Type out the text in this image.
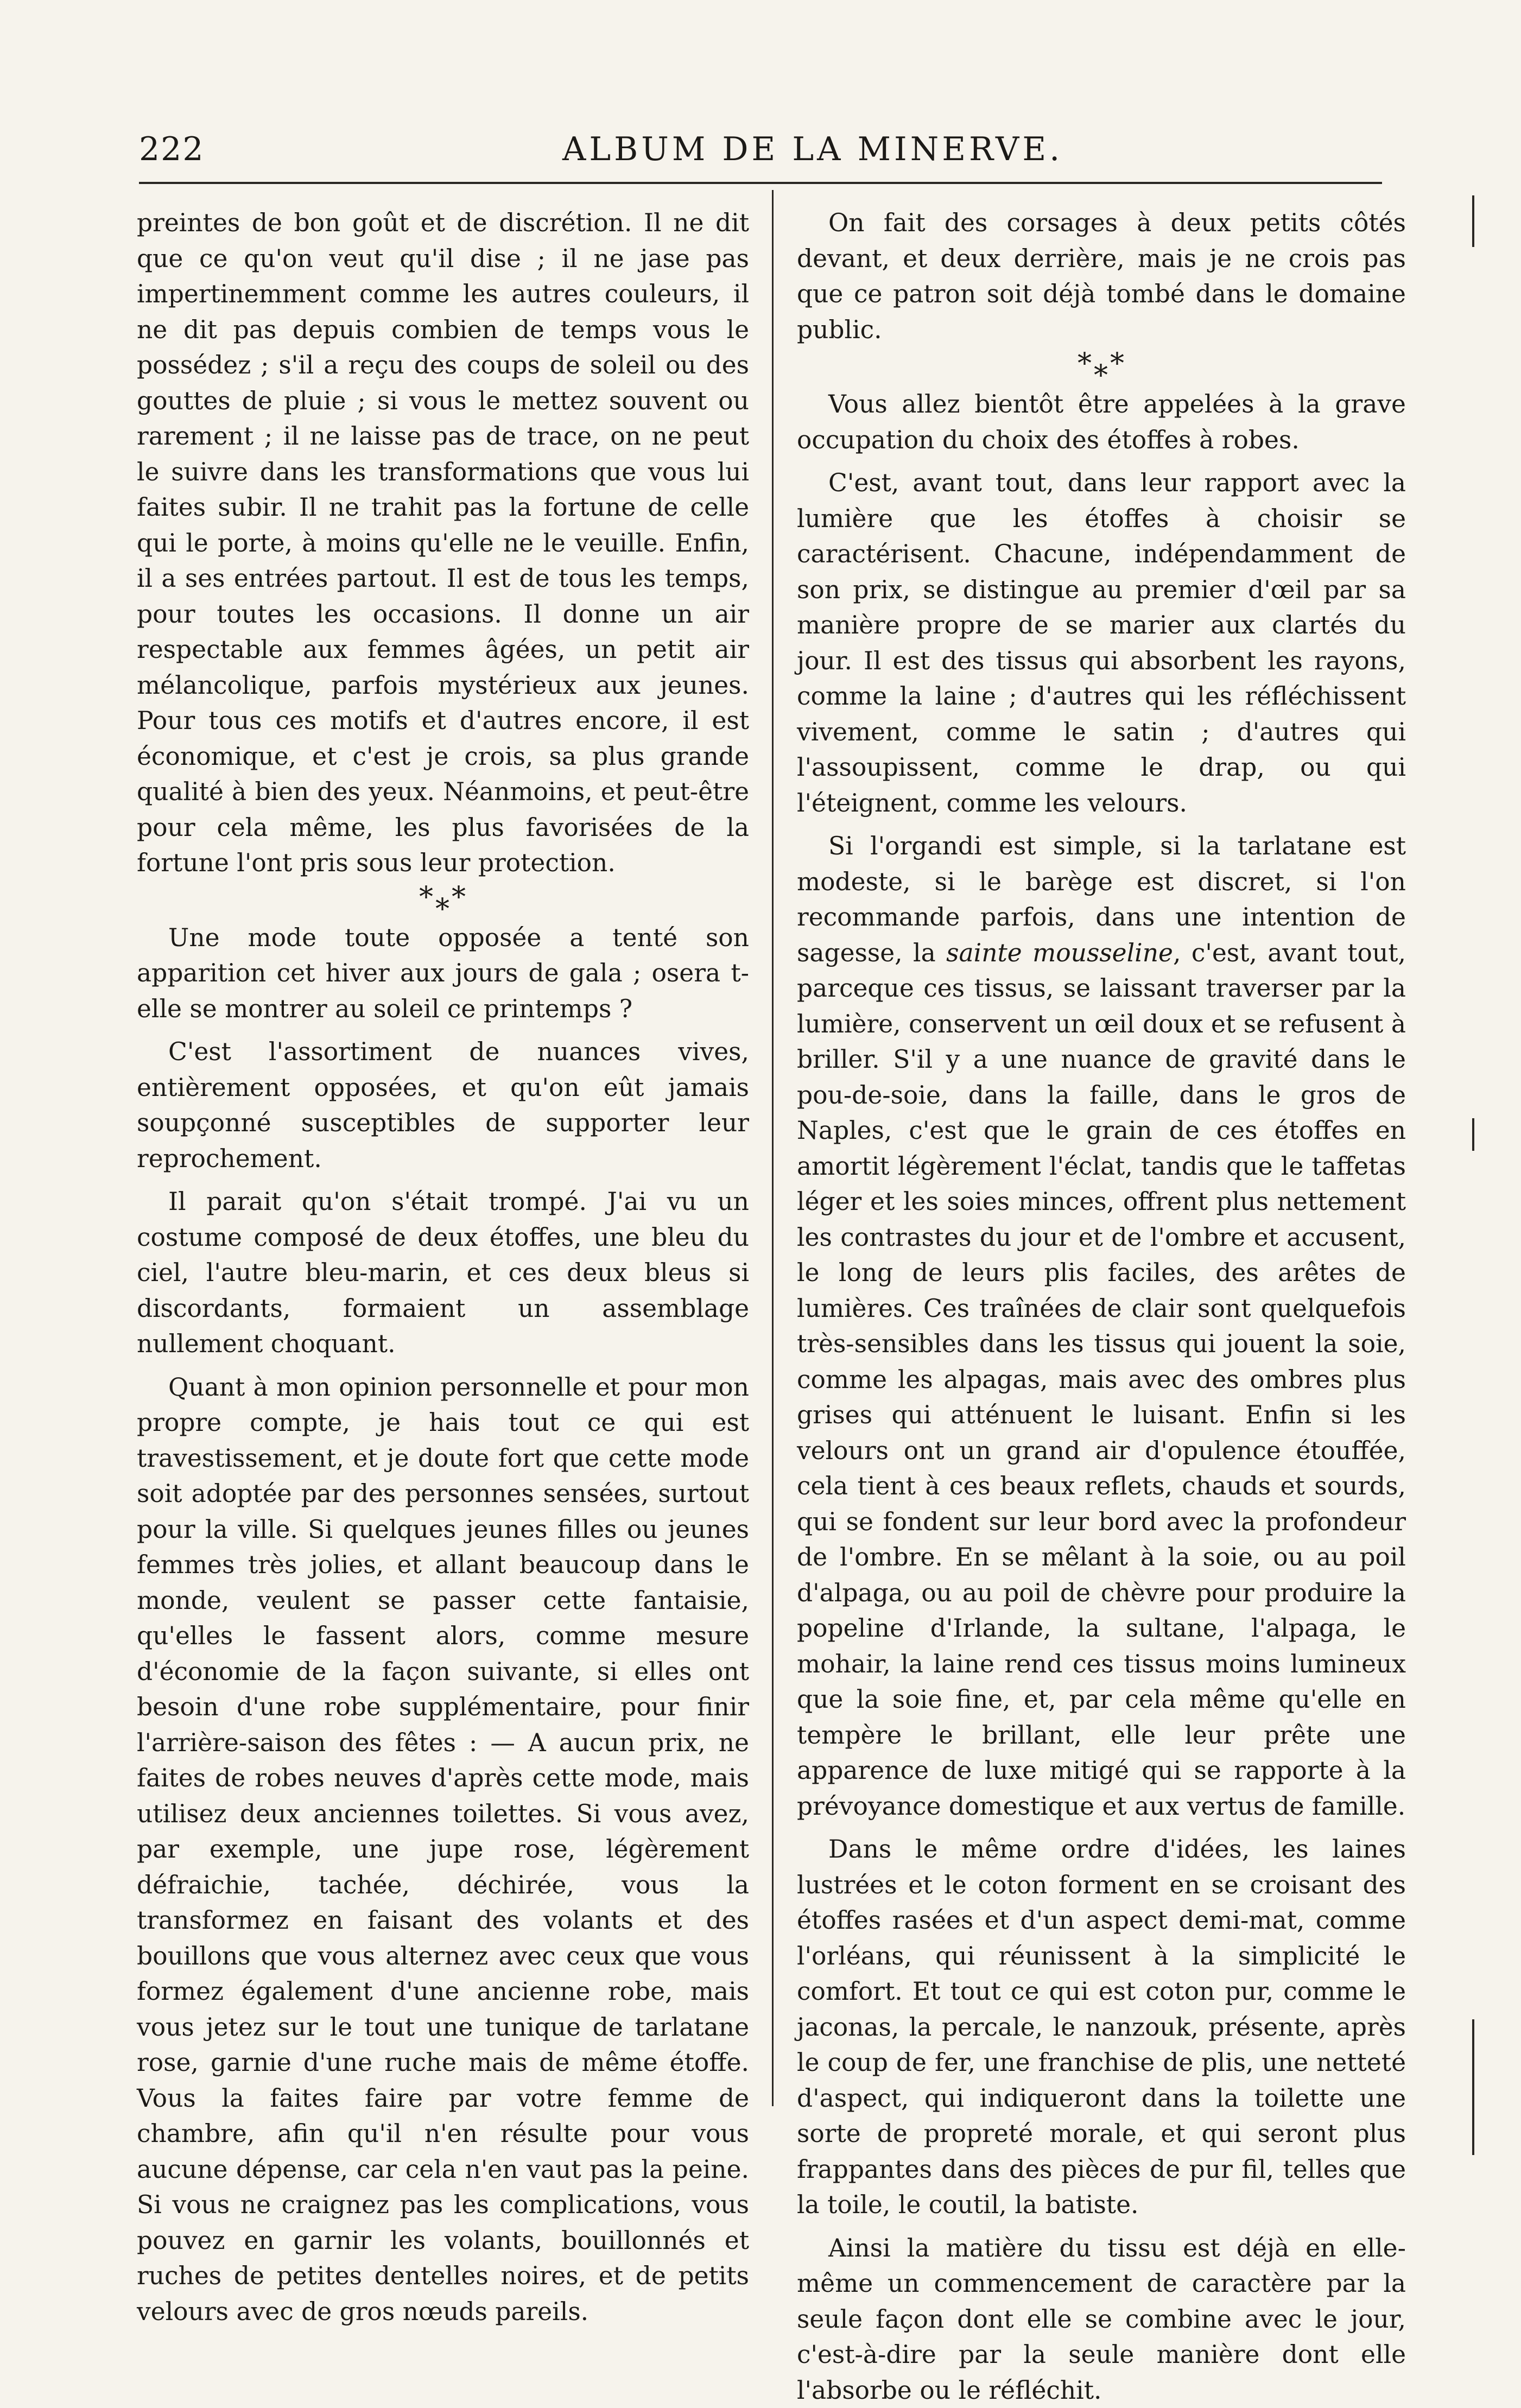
222	ALBUM DE LA MINERVE.

preintes de bon goût et de discrétion. Il ne dit que ce qu'on veut qu'il dise ; il ne jase pas impertinemment comme les autres couleurs, il ne dit pas depuis combien de temps vous le possédez ; s'il a reçu des coups de soleil ou des gouttes de pluie ; si vous le mettez souvent ou rarement ; il ne laisse pas de trace, on ne peut le suivre dans les transformations que vous lui faites subir. Il ne trahit pas la fortune de celle qui le porte, à moins qu'elle ne le veuille. Enfin, il a ses entrées partout. Il est de tous les temps, pour toutes les occasions. Il donne un air respectable aux femmes âgées, un petit air mélancolique, parfois mystérieux aux jeunes. Pour tous ces motifs et d'autres encore, il est économique, et c'est je crois, sa plus grande qualité à bien des yeux. Néanmoins, et peut-être pour cela même, les plus favorisées de la fortune l'ont pris sous leur protection.

* * *

Une mode toute opposée a tenté son apparition cet hiver aux jours de gala ; osera t-elle se montrer au soleil ce printemps ?

C'est l'assortiment de nuances vives, entièrement opposées, et qu'on eût jamais soupçonné susceptibles de supporter leur reprochement.

Il parait qu'on s'était trompé. J'ai vu un costume composé de deux étoffes, une bleu du ciel, l'autre bleu-marin, et ces deux bleus si discordants, formaient un assemblage nullement choquant.

Quant à mon opinion personnelle et pour mon propre compte, je hais tout ce qui est travestissement, et je doute fort que cette mode soit adoptée par des personnes sensées, surtout pour la ville. Si quelques jeunes filles ou jeunes femmes très jolies, et allant beaucoup dans le monde, veulent se passer cette fantaisie, qu'elles le fassent alors, comme mesure d'économie de la façon suivante, si elles ont besoin d'une robe supplémentaire, pour finir l'arrière-saison des fêtes : — A aucun prix, ne faites de robes neuves d'après cette mode, mais utilisez deux anciennes toilettes. Si vous avez, par exemple, une jupe rose, légèrement défraichie, tachée, déchirée, vous la transformez en faisant des volants et des bouillons que vous alternez avec ceux que vous formez également d'une ancienne robe, mais vous jetez sur le tout une tunique de tarlatane rose, garnie d'une ruche mais de même étoffe. Vous la faites faire par votre femme de chambre, afin qu'il n'en résulte pour vous aucune dépense, car cela n'en vaut pas la peine. Si vous ne craignez pas les complications, vous pouvez en garnir les volants, bouillonnés et ruches de petites dentelles noires, et de petits velours avec de gros nœuds pareils.

On fait des corsages à deux petits côtés devant, et deux derrière, mais je ne crois pas que ce patron soit déjà tombé dans le domaine public.

* * *

Vous allez bientôt être appelées à la grave occupation du choix des étoffes à robes.

C'est, avant tout, dans leur rapport avec la lumière que les étoffes à choisir se caractérisent. Chacune, indépendamment de son prix, se distingue au premier d'œil par sa manière propre de se marier aux clartés du jour. Il est des tissus qui absorbent les rayons, comme la laine ; d'autres qui les réfléchissent vivement, comme le satin ; d'autres qui l'assoupissent, comme le drap, ou qui l'éteignent, comme les velours.

Si l'organdi est simple, si la tarlatane est modeste, si le barège est discret, si l'on recommande parfois, dans une intention de sagesse, la sainte mousseline, c'est, avant tout, parceque ces tissus, se laissant traverser par la lumière, conservent un œil doux et se refusent à briller. S'il y a une nuance de gravité dans le pou-de-soie, dans la faille, dans le gros de Naples, c'est que le grain de ces étoffes en amortit légèrement l'éclat, tandis que le taffetas léger et les soies minces, offrent plus nettement les contrastes du jour et de l'ombre et accusent, le long de leurs plis faciles, des arêtes de lumières. Ces traînées de clair sont quelquefois très-sensibles dans les tissus qui jouent la soie, comme les alpagas, mais avec des ombres plus grises qui atténuent le luisant. Enfin si les velours ont un grand air d'opulence étouffée, cela tient à ces beaux reflets, chauds et sourds, qui se fondent sur leur bord avec la profondeur de l'ombre. En se mêlant à la soie, ou au poil d'alpaga, ou au poil de chèvre pour produire la popeline d'Irlande, la sultane, l'alpaga, le mohair, la laine rend ces tissus moins lumineux que la soie fine, et, par cela même qu'elle en tempère le brillant, elle leur prête une apparence de luxe mitigé qui se rapporte à la prévoyance domestique et aux vertus de famille.

Dans le même ordre d'idées, les laines lustrées et le coton forment en se croisant des étoffes rasées et d'un aspect demi-mat, comme l'orléans, qui réunissent à la simplicité le comfort. Et tout ce qui est coton pur, comme le jaconas, la percale, le nanzouk, présente, après le coup de fer, une franchise de plis, une netteté d'aspect, qui indiqueront dans la toilette une sorte de propreté morale, et qui seront plus frappantes dans des pièces de pur fil, telles que la toile, le coutil, la batiste.

Ainsi la matière du tissu est déjà en elle-même un commencement de caractère par la seule façon dont elle se combine avec le jour, c'est-à-dire par la seule manière dont elle l'absorbe ou le réfléchit.
